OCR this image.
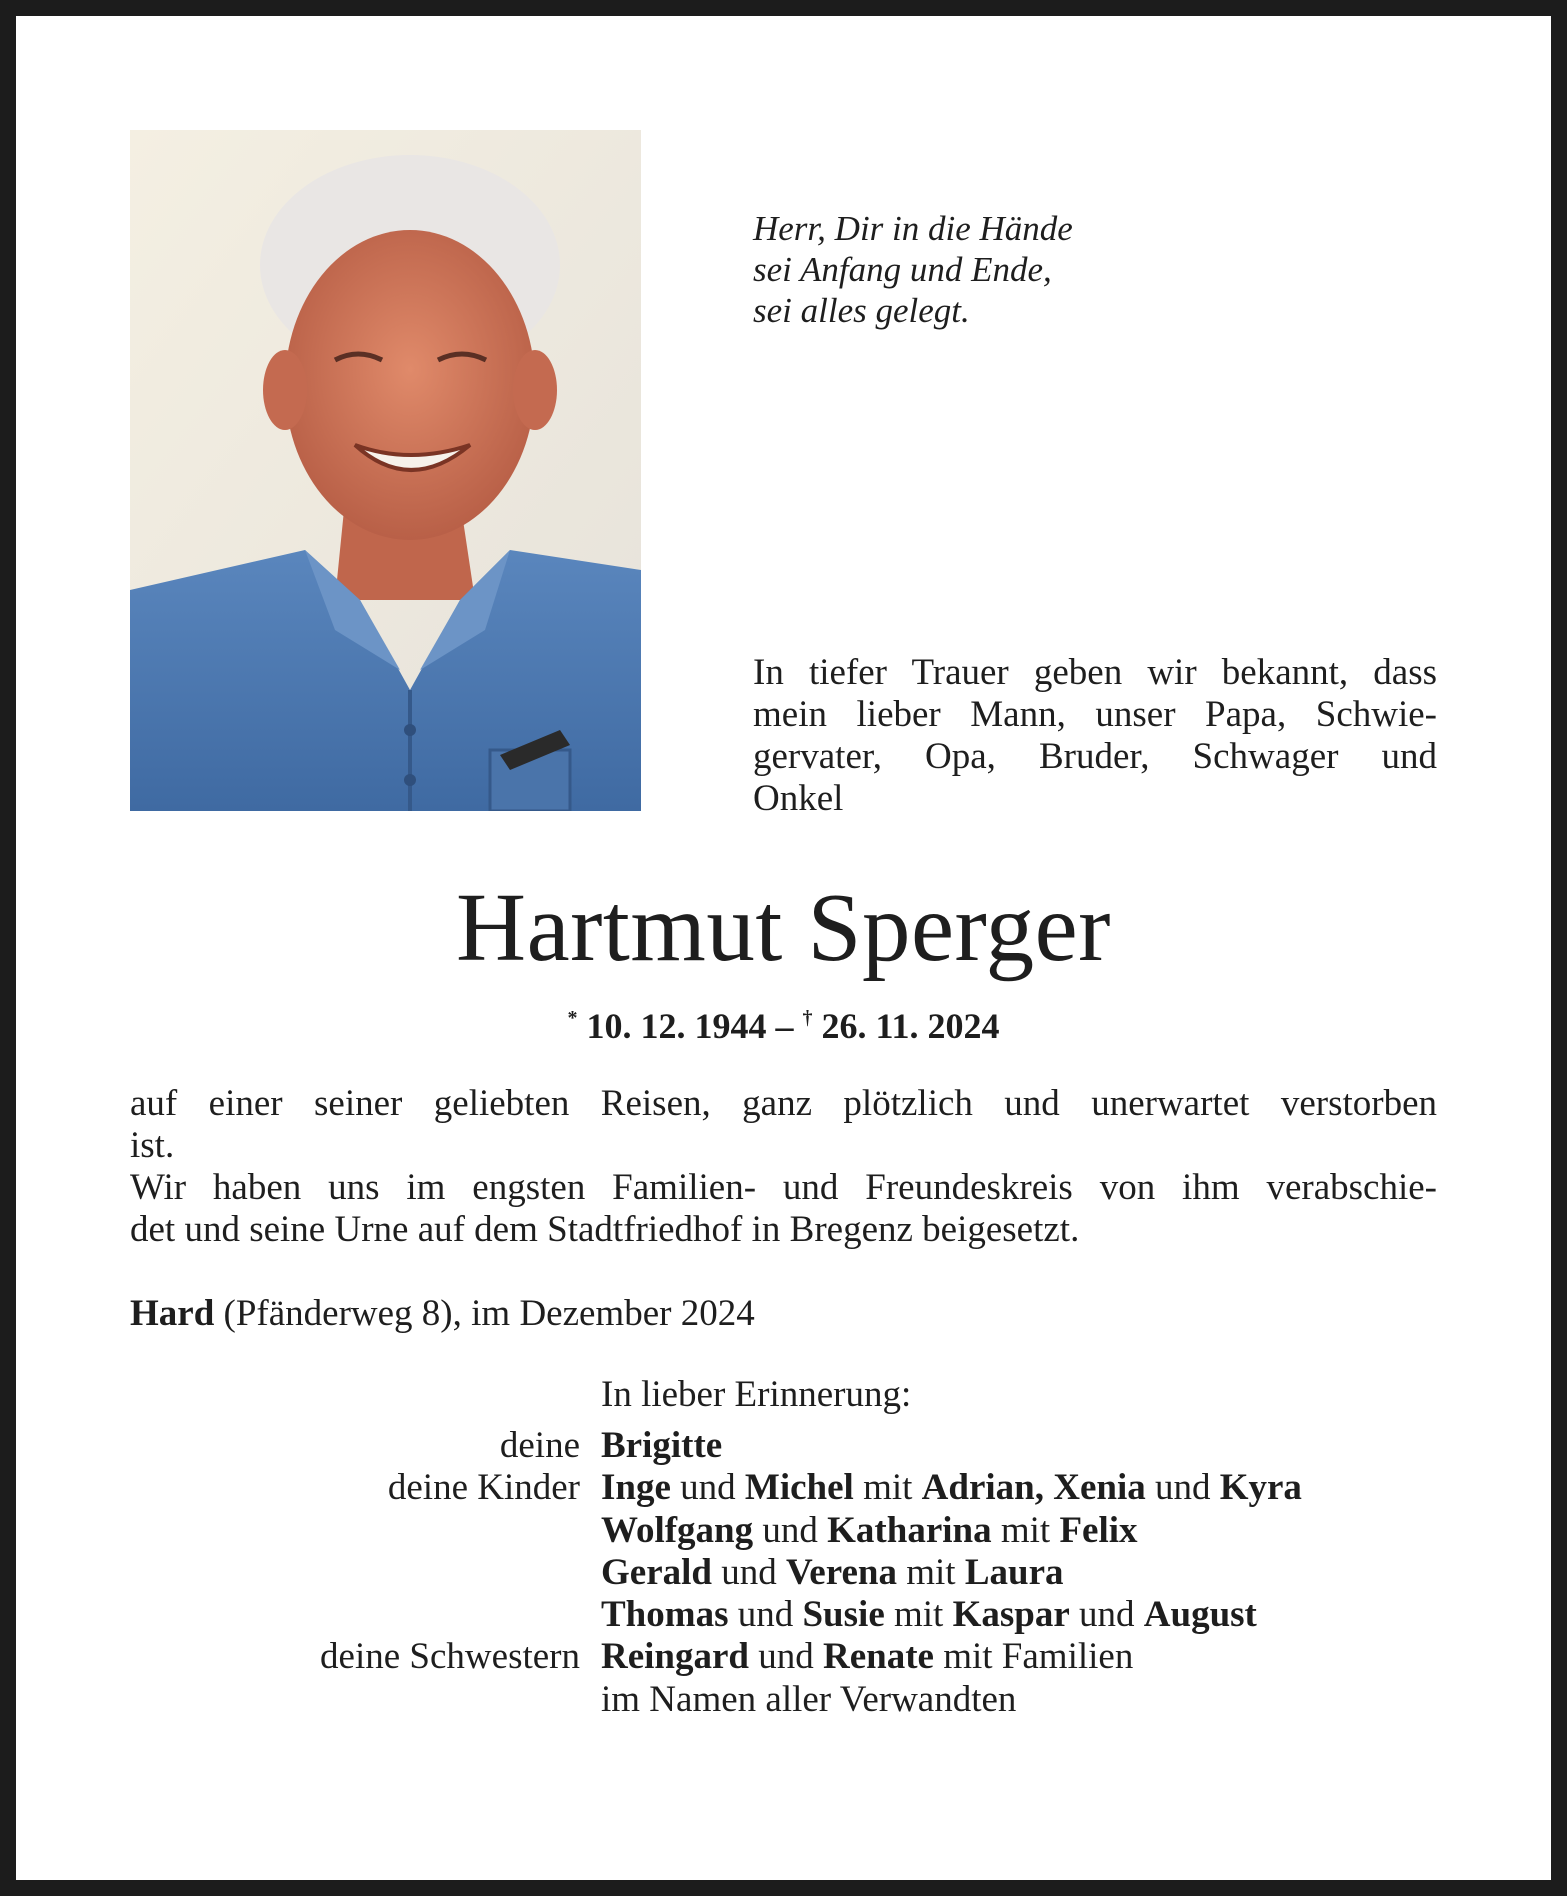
Herr, Dir in die Hände
sei Anfang und Ende,
sei alles gelegt.
In tiefer Trauer geben wir bekannt, dass
mein lieber Mann, unser Papa, Schwie-
gervater, Opa, Bruder, Schwager und
Onkel
Hartmut Sperger
* 10. 12. 1944 – † 26. 11. 2024
auf einer seiner geliebten Reisen, ganz plötzlich und unerwartet verstorben
ist.
Wir haben uns im engsten Familien- und Freundeskreis von ihm verabschie-
det und seine Urne auf dem Stadtfriedhof in Bregenz beigesetzt.
Hard (Pfänderweg 8), im Dezember 2024
In lieber Erinnerung:
deine Brigitte
deine Kinder Inge und Michel mit Adrian, Xenia und Kyra
Wolfgang und Katharina mit Felix
Gerald und Verena mit Laura
Thomas und Susie mit Kaspar und August
deine Schwestern Reingard und Renate mit Familien
im Namen aller Verwandten
